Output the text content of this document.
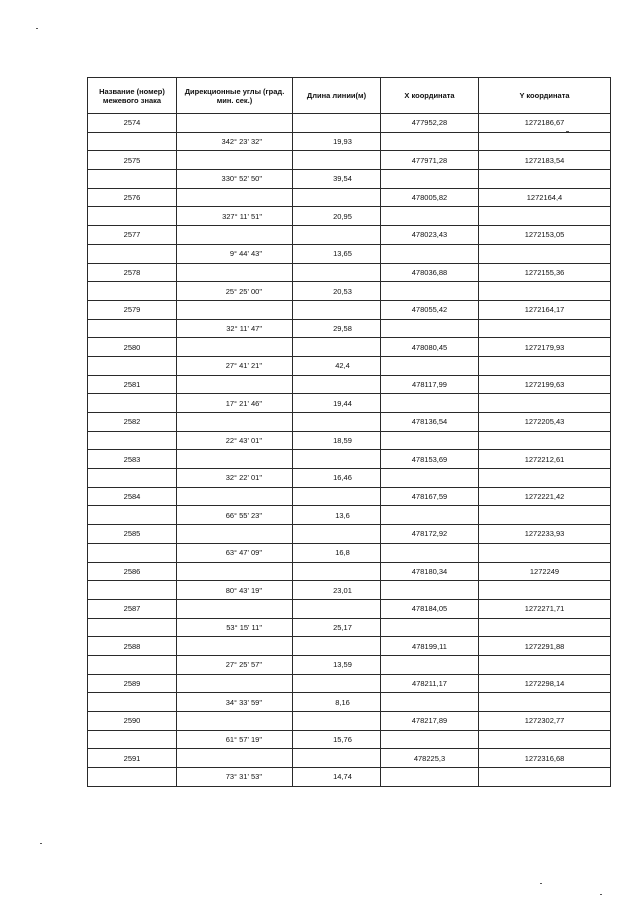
Название (номер) межевого знака	Дирекционные углы (град. мин. сек.)	Длина линии(м)	X координата	Y координата
2574			477952,28	1272186,67
	342° 23' 32"	19,93		
2575			477971,28	1272183,54
	330° 52' 50"	39,54		
2576			478005,82	1272164,4
	327° 11' 51"	20,95		
2577			478023,43	1272153,05
	9° 44' 43"	13,65		
2578			478036,88	1272155,36
	25° 25' 00"	20,53		
2579			478055,42	1272164,17
	32° 11' 47"	29,58		
2580			478080,45	1272179,93
	27° 41' 21"	42,4		
2581			478117,99	1272199,63
	17° 21' 46"	19,44		
2582			478136,54	1272205,43
	22° 43' 01"	18,59		
2583			478153,69	1272212,61
	32° 22' 01"	16,46		
2584			478167,59	1272221,42
	66° 55' 23"	13,6		
2585			478172,92	1272233,93
	63° 47' 09"	16,8		
2586			478180,34	1272249
	80° 43' 19"	23,01		
2587			478184,05	1272271,71
	53° 15' 11"	25,17		
2588			478199,11	1272291,88
	27° 25' 57"	13,59		
2589			478211,17	1272298,14
	34° 33' 59"	8,16		
2590			478217,89	1272302,77
	61° 57' 19"	15,76		
2591			478225,3	1272316,68
	73° 31' 53"	14,74		
